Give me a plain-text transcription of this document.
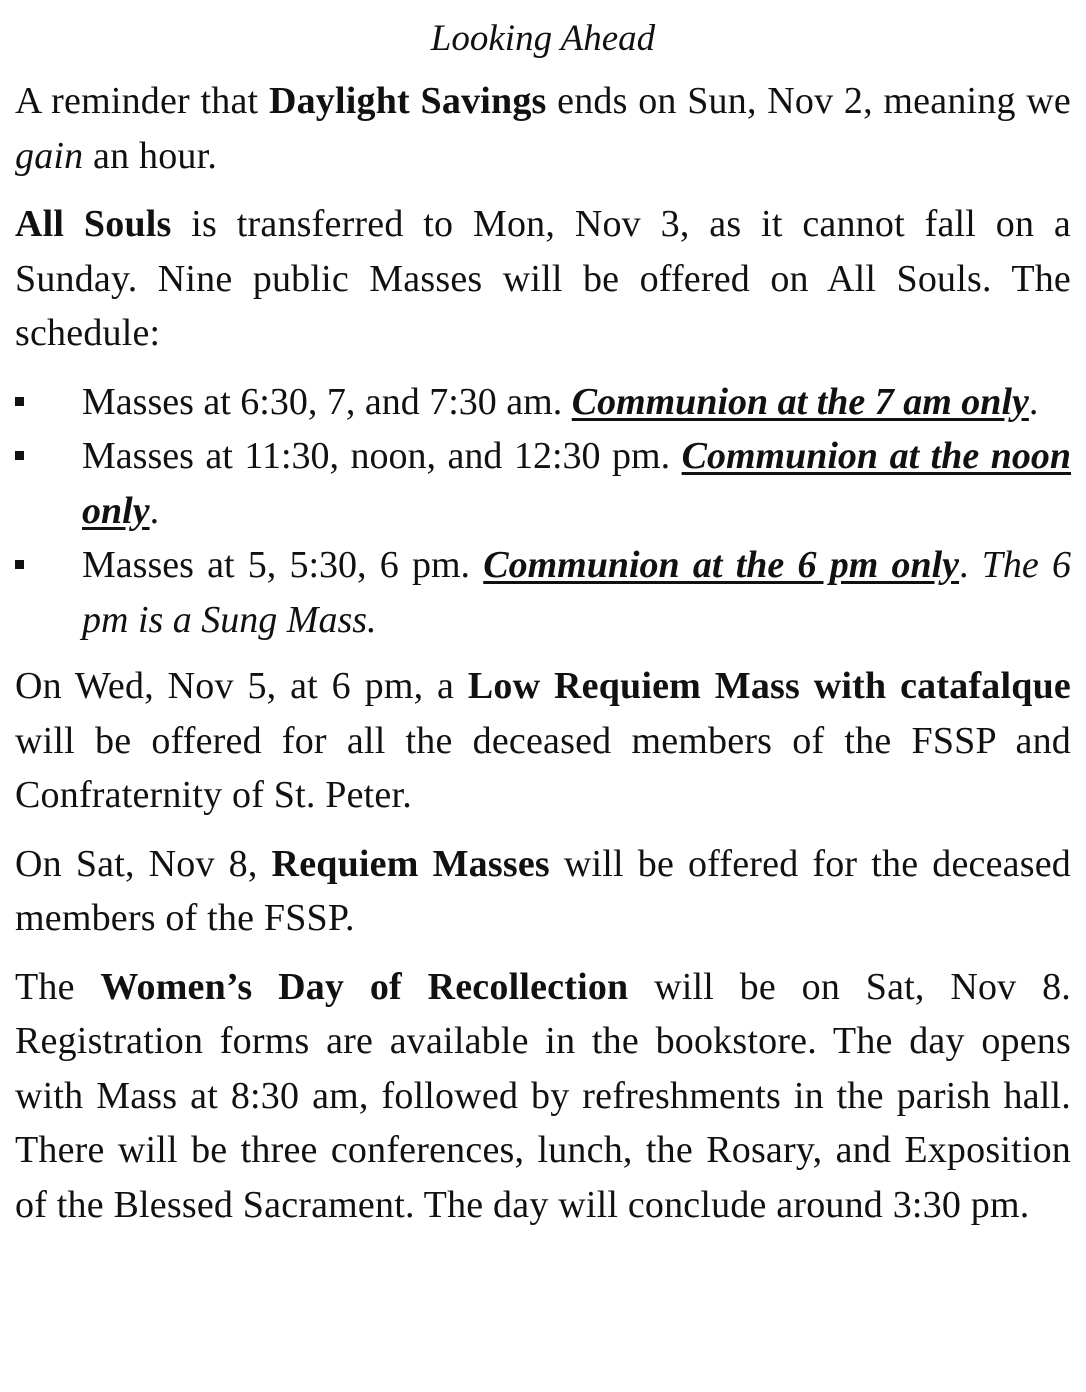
Looking Ahead

A reminder that Daylight Savings ends on Sun, Nov 2, meaning we gain an hour.

All Souls is transferred to Mon, Nov 3, as it cannot fall on a Sunday. Nine public Masses will be offered on All Souls. The schedule:

Masses at 6:30, 7, and 7:30 am. Communion at the 7 am only.
Masses at 11:30, noon, and 12:30 pm. Communion at the noon only.
Masses at 5, 5:30, 6 pm. Communion at the 6 pm only. The 6 pm is a Sung Mass.

On Wed, Nov 5, at 6 pm, a Low Requiem Mass with catafalque will be offered for all the deceased members of the FSSP and Confraternity of St. Peter.

On Sat, Nov 8, Requiem Masses will be offered for the deceased members of the FSSP.

The Women’s Day of Recollection will be on Sat, Nov 8. Registration forms are available in the bookstore. The day opens with Mass at 8:30 am, followed by refreshments in the parish hall. There will be three conferences, lunch, the Rosary, and Exposition of the Blessed Sacrament. The day will conclude around 3:30 pm.
